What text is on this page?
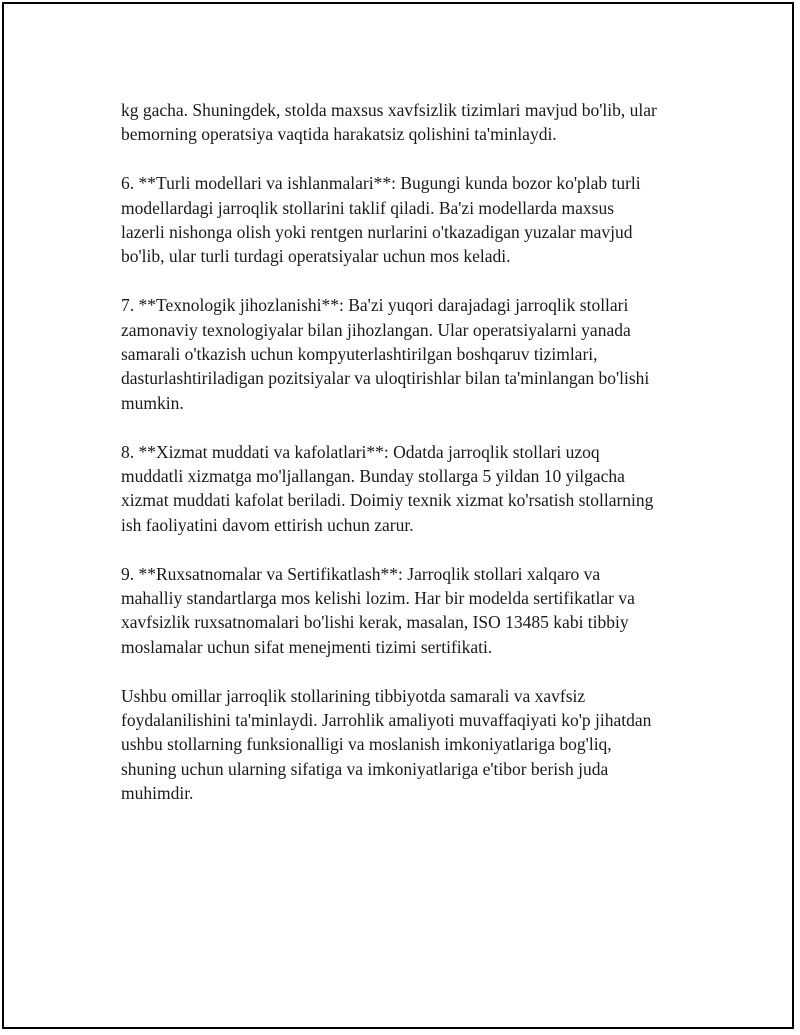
kg gacha. Shuningdek, stolda maxsus xavfsizlik tizimlari mavjud bo'lib, ular
bemorning operatsiya vaqtida harakatsiz qolishini ta'minlaydi.

6. **Turli modellari va ishlanmalari**: Bugungi kunda bozor ko'plab turli
modellardagi jarroqlik stollarini taklif qiladi. Ba'zi modellarda maxsus
lazerli nishonga olish yoki rentgen nurlarini o'tkazadigan yuzalar mavjud
bo'lib, ular turli turdagi operatsiyalar uchun mos keladi.

7. **Texnologik jihozlanishi**: Ba'zi yuqori darajadagi jarroqlik stollari
zamonaviy texnologiyalar bilan jihozlangan. Ular operatsiyalarni yanada
samarali o'tkazish uchun kompyuterlashtirilgan boshqaruv tizimlari,
dasturlashtiriladigan pozitsiyalar va uloqtirishlar bilan ta'minlangan bo'lishi
mumkin.

8. **Xizmat muddati va kafolatlari**: Odatda jarroqlik stollari uzoq
muddatli xizmatga mo'ljallangan. Bunday stollarga 5 yildan 10 yilgacha
xizmat muddati kafolat beriladi. Doimiy texnik xizmat ko'rsatish stollarning
ish faoliyatini davom ettirish uchun zarur.

9. **Ruxsatnomalar va Sertifikatlash**: Jarroqlik stollari xalqaro va
mahalliy standartlarga mos kelishi lozim. Har bir modelda sertifikatlar va
xavfsizlik ruxsatnomalari bo'lishi kerak, masalan, ISO 13485 kabi tibbiy
moslamalar uchun sifat menejmenti tizimi sertifikati.

Ushbu omillar jarroqlik stollarining tibbiyotda samarali va xavfsiz
foydalanilishini ta'minlaydi. Jarrohlik amaliyoti muvaffaqiyati ko'p jihatdan
ushbu stollarning funksionalligi va moslanish imkoniyatlariga bog'liq,
shuning uchun ularning sifatiga va imkoniyatlariga e'tibor berish juda
muhimdir.
